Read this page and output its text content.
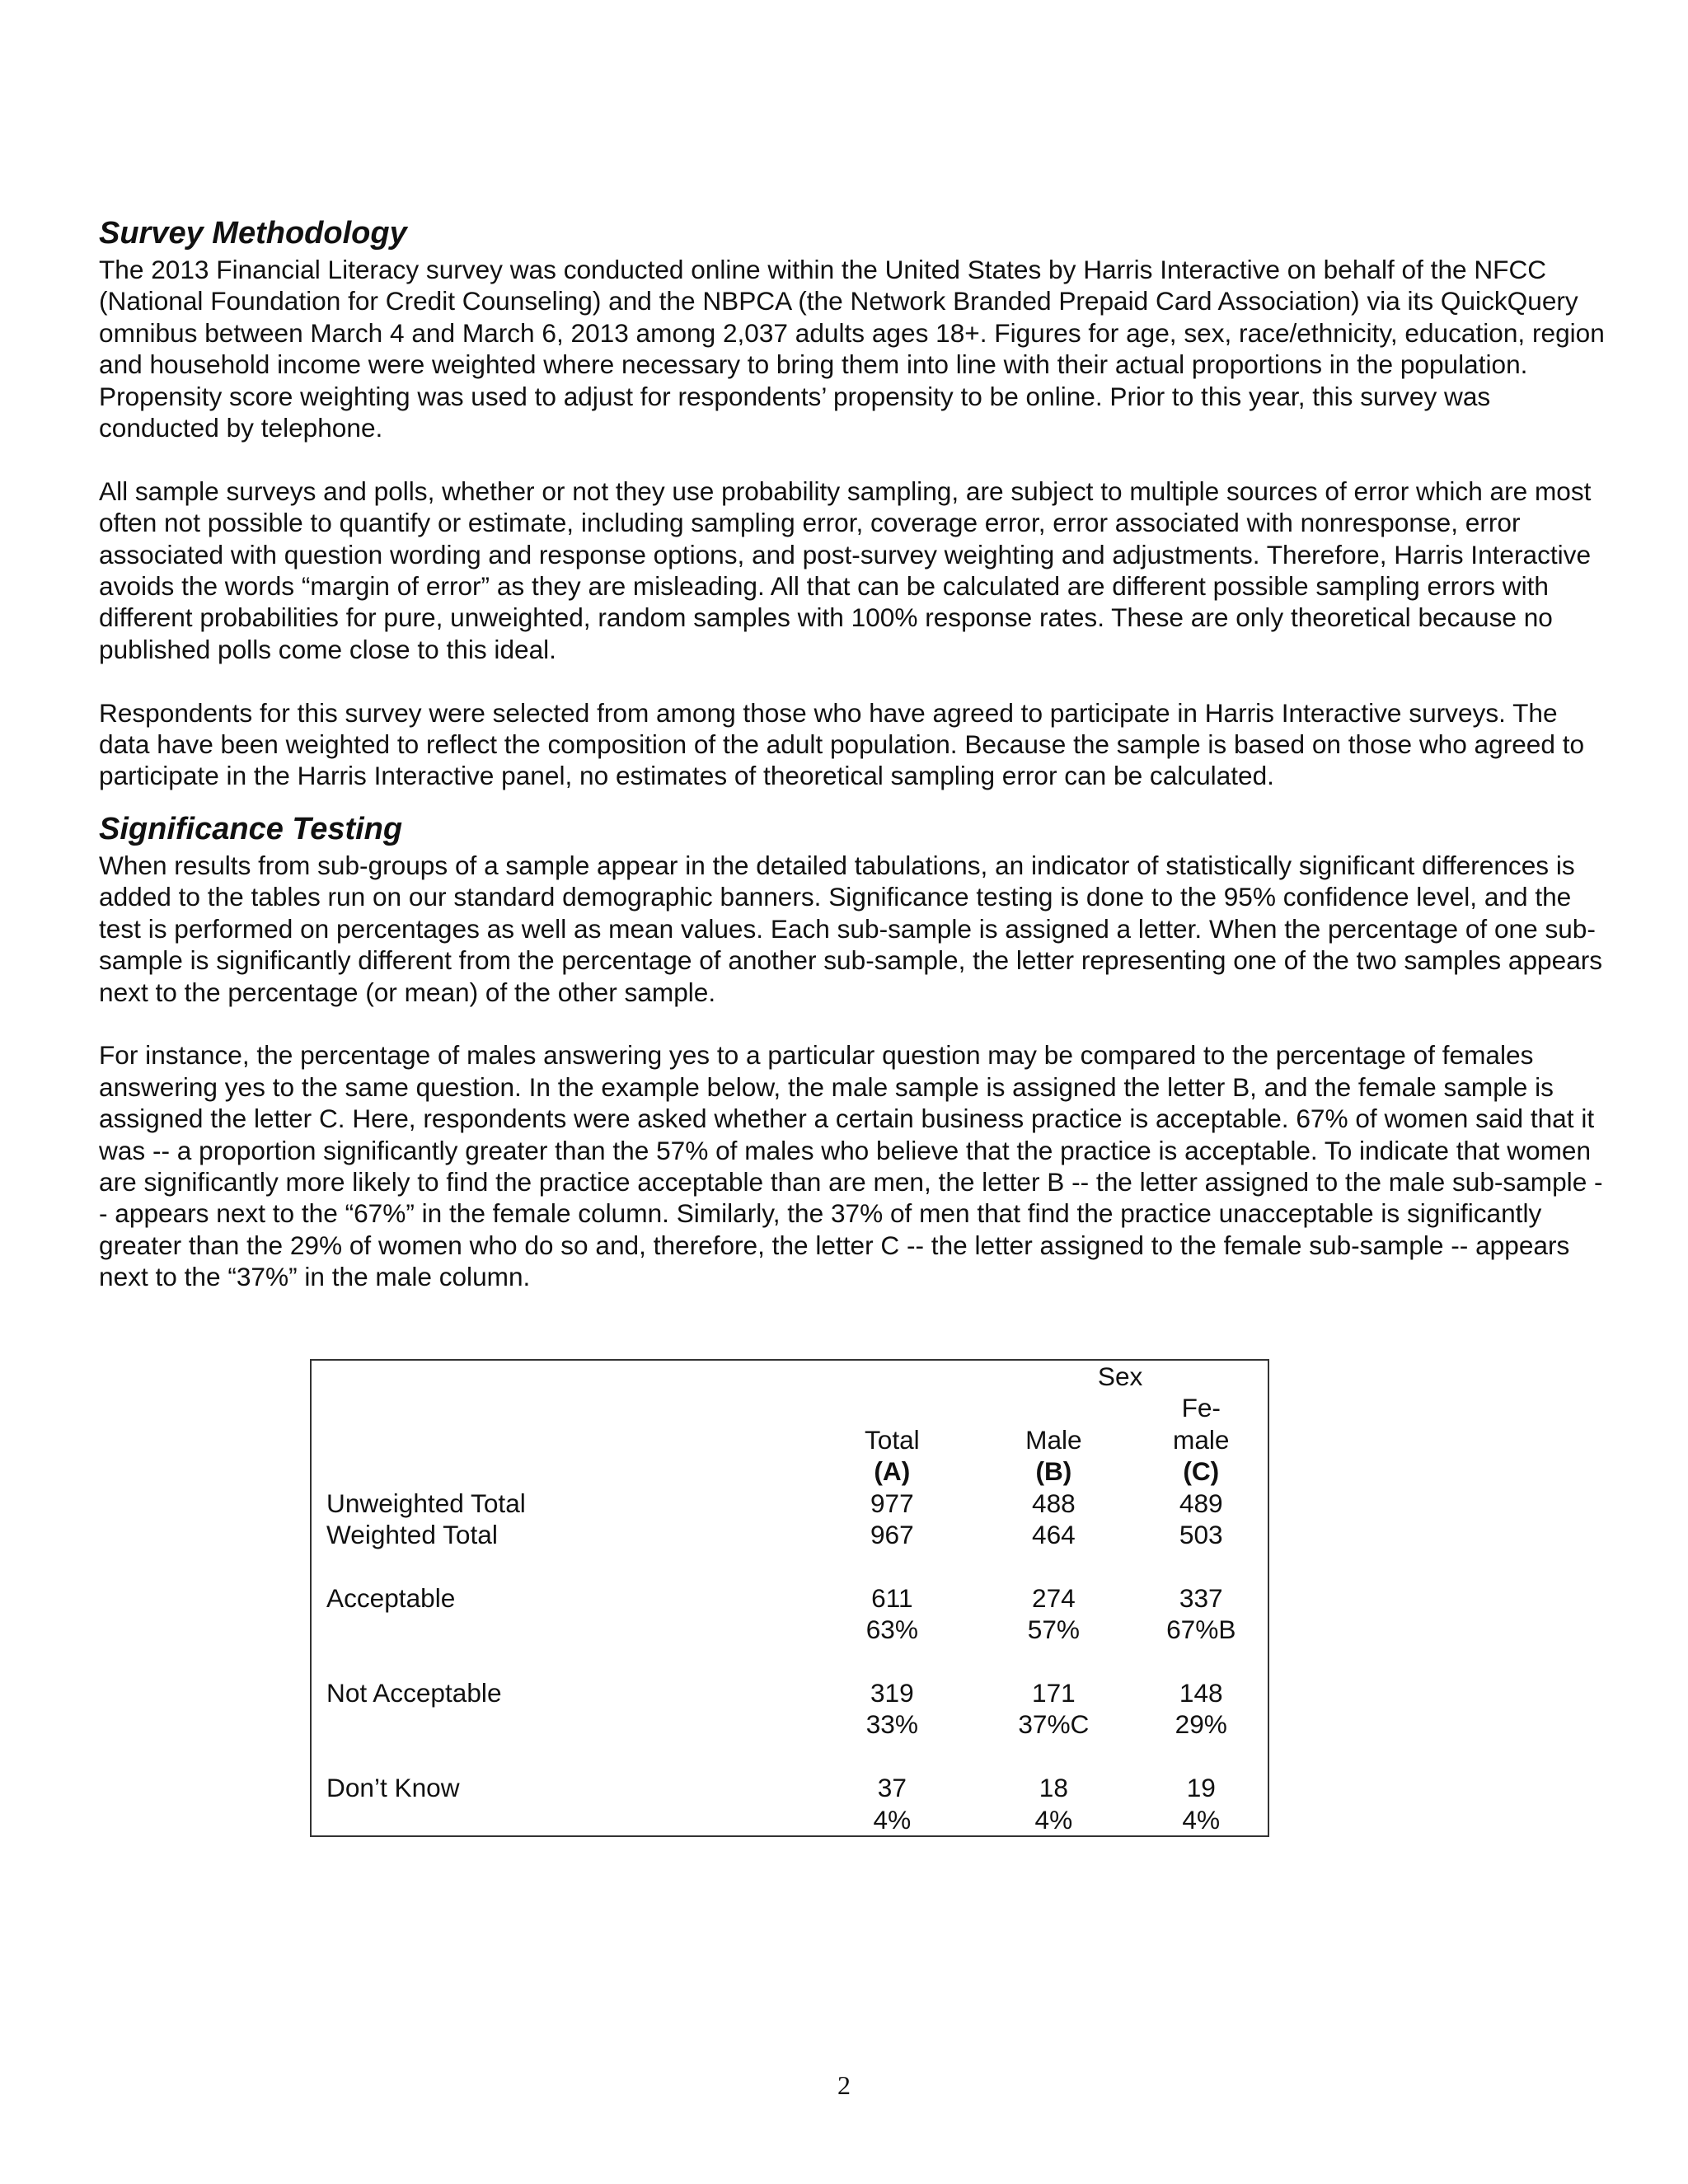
Survey Methodology

The 2013 Financial Literacy survey was conducted online within the United States by Harris Interactive on behalf of the NFCC (National Foundation for Credit Counseling) and the NBPCA (the Network Branded Prepaid Card Association) via its QuickQuery omnibus between March 4 and March 6, 2013 among 2,037 adults ages 18+. Figures for age, sex, race/ethnicity, education, region and household income were weighted where necessary to bring them into line with their actual proportions in the population. Propensity score weighting was used to adjust for respondents’ propensity to be online. Prior to this year, this survey was conducted by telephone.

All sample surveys and polls, whether or not they use probability sampling, are subject to multiple sources of error which are most often not possible to quantify or estimate, including sampling error, coverage error, error associated with nonresponse, error associated with question wording and response options, and post-survey weighting and adjustments. Therefore, Harris Interactive avoids the words “margin of error” as they are misleading. All that can be calculated are different possible sampling errors with different probabilities for pure, unweighted, random samples with 100% response rates. These are only theoretical because no published polls come close to this ideal.

Respondents for this survey were selected from among those who have agreed to participate in Harris Interactive surveys. The data have been weighted to reflect the composition of the adult population. Because the sample is based on those who agreed to participate in the Harris Interactive panel, no estimates of theoretical sampling error can be calculated.

Significance Testing

When results from sub-groups of a sample appear in the detailed tabulations, an indicator of statistically significant differences is added to the tables run on our standard demographic banners. Significance testing is done to the 95% confidence level, and the test is performed on percentages as well as mean values. Each sub-sample is assigned a letter. When the percentage of one sub-sample is significantly different from the percentage of another sub-sample, the letter representing one of the two samples appears next to the percentage (or mean) of the other sample.

For instance, the percentage of males answering yes to a particular question may be compared to the percentage of females answering yes to the same question. In the example below, the male sample is assigned the letter B, and the female sample is assigned the letter C. Here, respondents were asked whether a certain business practice is acceptable. 67% of women said that it was -- a proportion significantly greater than the 57% of males who believe that the practice is acceptable. To indicate that women are significantly more likely to find the practice acceptable than are men, the letter B -- the letter assigned to the male sub-sample -- appears next to the “67%” in the female column. Similarly, the 37% of men that find the practice unacceptable is significantly greater than the 29% of women who do so and, therefore, the letter C -- the letter assigned to the female sub-sample -- appears next to the “37%” in the male column.

		Sex	
			Fe-
	Total	Male	male
	(A)	(B)	(C)
Unweighted Total	977	488	489
Weighted Total	967	464	503

Acceptable	611	274	337
	63%	57%	67%B

Not Acceptable	319	171	148
	33%	37%C	29%

Don’t Know	37	18	19
	4%	4%	4%
2
